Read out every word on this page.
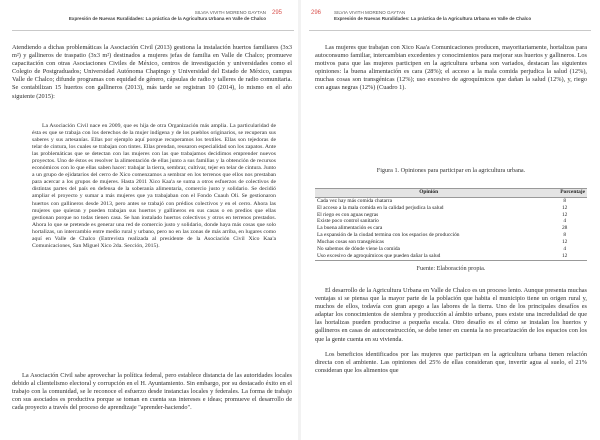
SILVIA VIVITH MORENO GAYTAN
Expresión de Nuevas Ruralidades: La práctica de la Agricultura Urbana en Valle de Chalco
295

Atendiendo a dichas problemáticas la Asociación Civil (2013) gestiona la instalación huertos familiares (3x3 m²) y gallineros de traspatio (3x3 m²) destinados a mujeres jefas de familia en Valle de Chalco; promueve capacitación con otras Asociaciones Civiles de México, centros de investigación y universidades como el Colegio de Postgraduados; Universidad Autónoma Chapingo y Universidad del Estado de México, campus Valle de Chalco; difunde programas con equidad de género, cápsulas de radio y talleres de radio comunitaria. Se contabilizan 15 huertos con gallineros (2013), más tarde se registran 10 (2014), lo mismo en el año siguiente (2015):

La Asociación Civil nace en 2009, que es hija de otra Organización más amplia. La particularidad de ésta es que se trabaja con los derechos de la mujer indígena y de los pueblos originarios, se recuperan sus saberes y sus artesanías. Ellas por ejemplo aquí porque recuperamos los textiles. Ellas son tejedoras de telar de cintura, los cuales se trabajan con tintes. Ellas prendan, reusaron especialidad son los zapatos. Ante las problemáticas que se detectan con las mujeres con las que trabajamos decidimos emprender nuevos proyectos. Uno de éstos es resolver la alimentación de ellas junto a sus familias y la obtención de recursos económicos con lo que ellas saben hacer: trabajar la tierra, sembrar, cultivar, tejer en telar de cintura. Junto a un grupo de ejidatarios del cerro de Xico comenzamos a sembrar en los terrenos que ellos nos prestaban para acercar a los grupos de mujeres. Hasta 2011 Xico Kaa'a se suma a otros esfuerzos de colectivos de distintas partes del país en defensa de la soberanía alimentaria, comercio justo y solidario. Se decidió ampliar el proyecto y sumar a más mujeres que ya trabajaban con el Fondo Cuauh Oli. Se gestionaron huertos con gallineros desde 2013, pero antes se trabajó con prédios colectivos y en el cerro. Ahora las mujeres que quieran y pueden trabajan sus huertos y gallineros en sus casas o en predios que ellas gestionan porque no todas tienen casa. Se han instalado huertos colectivos y otros en terrenos prestados. Ahora lo que se pretende es generar una red de comercio justo y solidario, donde haya más cosas que solo hortalizas, un intercambio entre medio rural y urbano, pero no en las zonas de más arriba, en lugares como aquí en Valle de Chalco (Entrevista realizada al presidente de la Asociación Civil Xico Kaa'a Comunicaciones, San Miguel Xico 2da. Sección, 2015).

La Asociación Civil sabe aprovechar la política federal, pero establece distancia de las autoridades locales debido al clientelismo electoral y corrupción en el H. Ayuntamiento. Sin embargo, por su destacado éxito en el trabajo con la comunidad, se le reconoce el esfuerzo desde instancias locales y federales. La forma de trabajo con sus asociados es productiva porque se toman en cuenta sus intereses e ideas; promueve el desarrollo de cada proyecto a través del proceso de aprendizaje "aprender-haciendo".

296	SILVIA VIVITH MORENO GAYTAN
Expresión de Nuevas Ruralidades: La práctica de la Agricultura Urbana en Valle de Chalco

Las mujeres que trabajan con Xico Kaa'a Comunicaciones producen, mayoritariamente, hortalizas para autoconsumo familiar, intercambian excedentes y conocimientos para mejorar sus huertos y gallineros. Los motivos para que las mujeres participen en la agricultura urbana son variados, destacan las siguientes opiniones: la buena alimentación es cara (28%); el acceso a la mala comida perjudica la salud (12%), muchas cosas son transgénicas (12%); uso excesivo de agroquímicos que dañan la salud (12%), y, riego con aguas negras (12%) (Cuadro 1).

Figura 1. Opiniones para participar en la agricultura urbana.
Opinión	Porcentaje
Cada vez hay más comida chatarra	8
El acceso a la mala comida en la calidad perjudica la salud	12
El riego es con aguas negras	12
Existe poco control sanitario	4
La buena alimentación es cara	28
La expansión de la ciudad termina con los espacios de producción	8
Muchas cosas son transgénicas	12
No sabemos de dónde viene la comida	4
Uso excesivo de agroquímicos que pueden dañar la salud	12
Fuente: Elaboración propia.

El desarrollo de la Agricultura Urbana en Valle de Chalco es un proceso lento. Aunque presenta muchas ventajas si se piensa que la mayor parte de la población que habita el municipio tiene un origen rural y, muchos de ellos, todavía con gran apego a las labores de la tierra. Uno de los principales desafíos es adaptar los conocimientos de siembra y producción al ámbito urbano, pues existe una incredulidad de que las hortalizas pueden producirse a pequeña escala. Otro desafío es el cómo se instalan los huertos y gallineros en casas de autoconstrucción, se debe tener en cuenta la no precarización de los espacios con los que la gente cuenta en su vivienda.

Los beneficios identificados por las mujeres que participan en la agricultura urbana tienen relación directa con el ambiente. Las opiniones del 25% de ellas consideran que, invertir agua al suelo, el 21% consideran que los alimentos que
